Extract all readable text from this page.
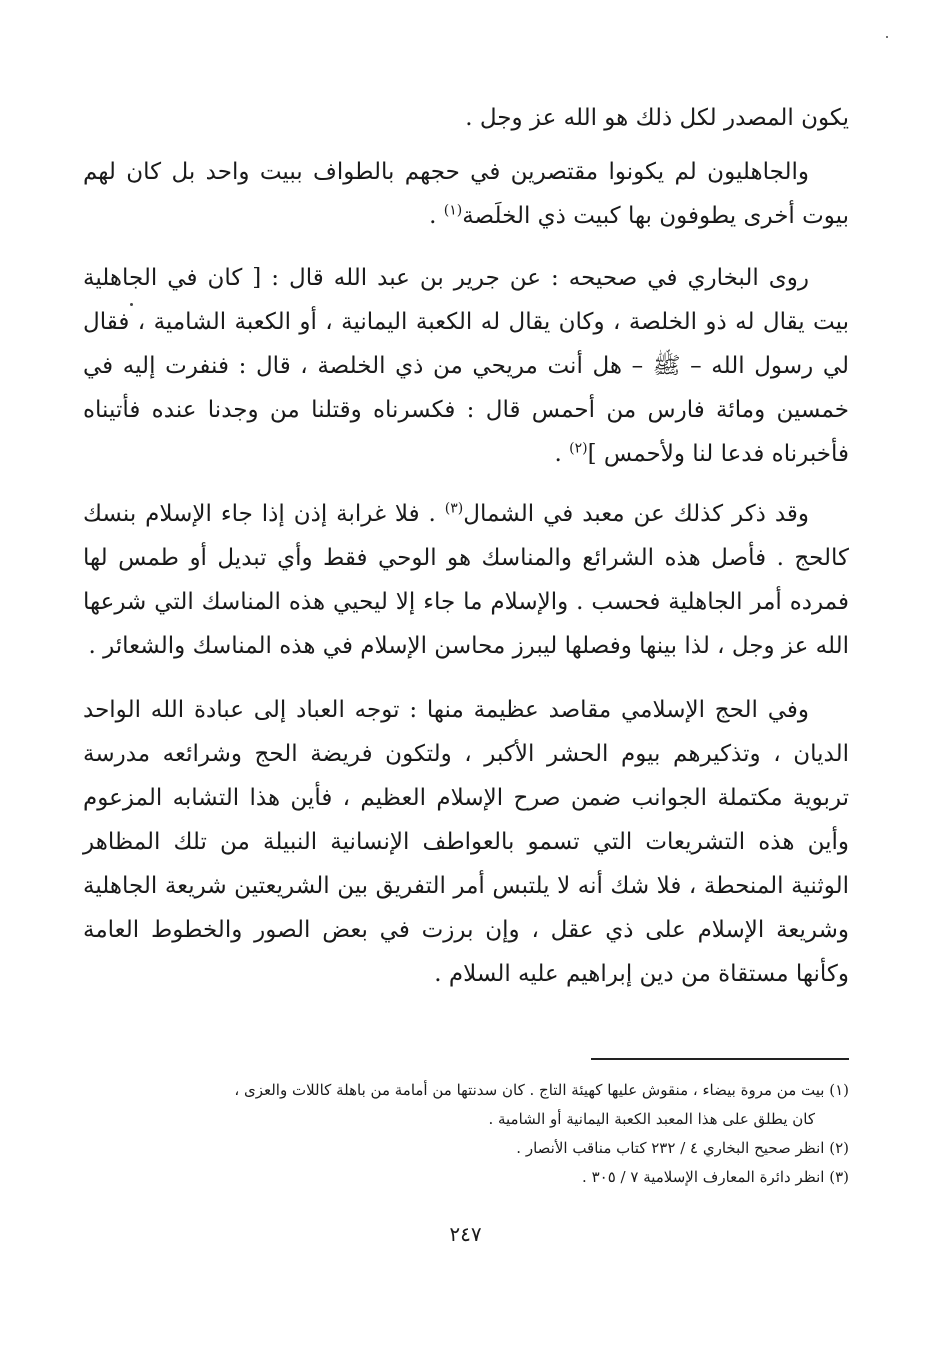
يكون المصدر لكل ذلك هو الله عز وجل .

والجاهليون لم يكونوا مقتصرين في حجهم بالطواف ببيت واحد بل كان لهم بيوت أخرى يطوفون بها كبيت ذي الخلَصة$^{(١)}$ .

روى البخاري في صحيحه : عن جرير بن عبد الله قال : [ كان في الجاهلية بيت يقال له ذو الخلصة ، وكان يقال له الكعبة اليمانية ، أو الكعبة الشامية ، فقال لي رسول الله – ﷺ – هل أنت مريحي من ذي الخلصة ، قال : فنفرت إليه في خمسين ومائة فارس من أحمس قال : فكسرناه وقتلنا من وجدنا عنده فأتيناه فأخبرناه فدعا لنا ولأحمس ]$^{(٢)}$ .

وقد ذكر كذلك عن معبد في الشمال$^{(٣)}$ . فلا غرابة إذن إذا جاء الإسلام بنسك كالحج . فأصل هذه الشرائع والمناسك هو الوحي فقط وأي تبديل أو طمس لها فمرده أمر الجاهلية فحسب . والإسلام ما جاء إلا ليحيي هذه المناسك التي شرعها الله عز وجل ، لذا بينها وفصلها ليبرز محاسن الإسلام في هذه المناسك والشعائر .

وفي الحج الإسلامي مقاصد عظيمة منها : توجه العباد إلى عبادة الله الواحد الديان ، وتذكيرهم بيوم الحشر الأكبر ، ولتكون فريضة الحج وشرائعه مدرسة تربوية مكتملة الجوانب ضمن صرح الإسلام العظيم ، فأين هذا التشابه المزعوم وأين هذه التشريعات التي تسمو بالعواطف الإنسانية النبيلة من تلك المظاهر الوثنية المنحطة ، فلا شك أنه لا يلتبس أمر التفريق بين الشريعتين شريعة الجاهلية وشريعة الإسلام على ذي عقل ، وإن برزت في بعض الصور والخطوط العامة وكأنها مستقاة من دين إبراهيم عليه السلام .

(١) بيت من مروة بيضاء ، منقوش عليها كهيئة التاج . كان سدنتها من أمامة من باهلة كاللات والعزى ،

كان يطلق على هذا المعبد الكعبة اليمانية أو الشامية .

(٢) انظر صحيح البخاري ٤ / ٢٣٢ كتاب مناقب الأنصار .

(٣) انظر دائرة المعارف الإسلامية ٧ / ٣٠٥ .

٢٤٧
